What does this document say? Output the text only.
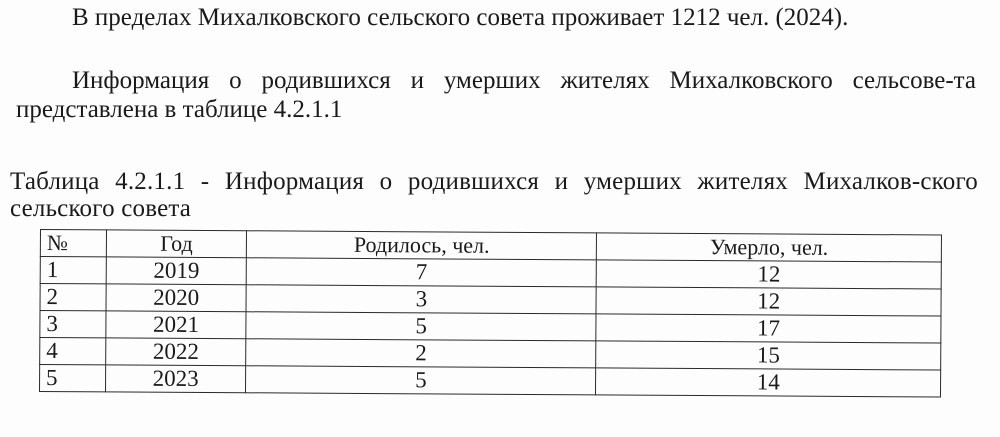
В пределах Михалковского сельского совета проживает 1212 чел. (2024).
Информация о родившихся и умерших жителях Михалковского сельсове-та представлена в таблице 4.2.1.1
Таблица 4.2.1.1 - Информация о родившихся и умерших жителях Михалков-ского сельского совета
№	Год	Родилось, чел.	Умерло, чел.
1	2019	7	12
2	2020	3	12
3	2021	5	17
4	2022	2	15
5	2023	5	14
